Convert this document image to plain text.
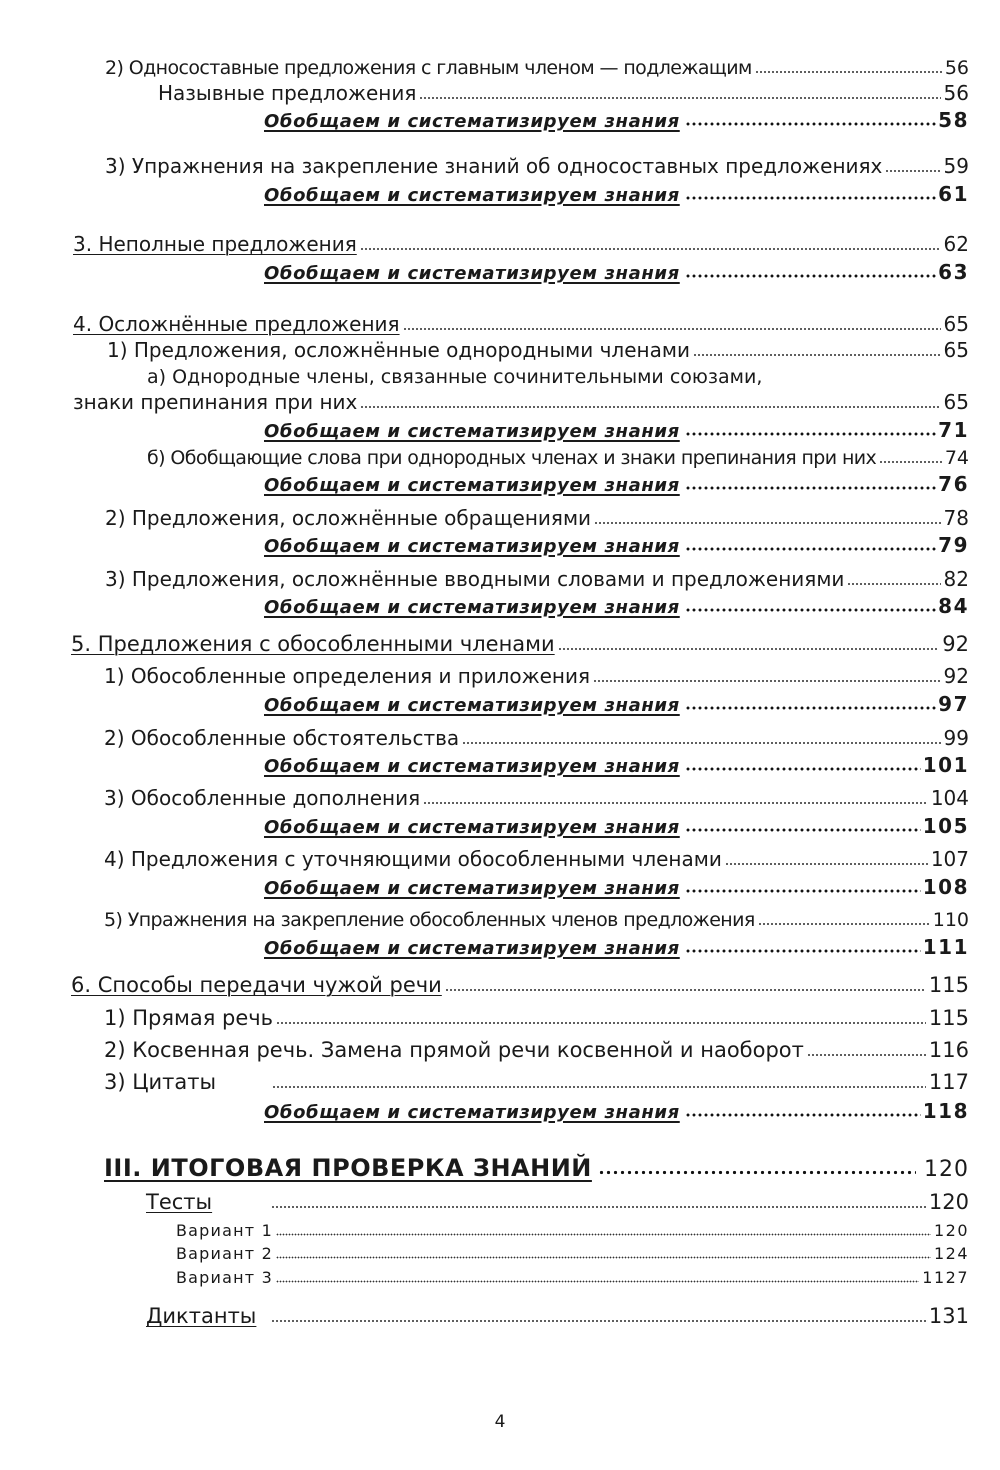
2) Односоставные предложения с главным членом — подлежащим	56
Назывные предложения	56
Обобщаем и систематизируем знания	58
3) Упражнения на закрепление знаний об односоставных предложениях	59
Обобщаем и систематизируем знания	61
3. Неполные предложения	62
Обобщаем и систематизируем знания	63
4. Осложнённые предложения	65
1) Предложения, осложнённые однородными членами	65
а) Однородные члены, связанные сочинительными союзами,
знаки препинания при них	65
Обобщаем и систематизируем знания	71
б) Обобщающие слова при однородных членах и знаки препинания при них	74
Обобщаем и систематизируем знания	76
2) Предложения, осложнённые обращениями	78
Обобщаем и систематизируем знания	79
3) Предложения, осложнённые вводными словами и предложениями	82
Обобщаем и систематизируем знания	84
5. Предложения с обособленными членами	92
1) Обособленные определения и приложения	92
Обобщаем и систематизируем знания	97
2) Обособленные обстоятельства	99
Обобщаем и систематизируем знания	101
3) Обособленные дополнения	104
Обобщаем и систематизируем знания	105
4) Предложения с уточняющими обособленными членами	107
Обобщаем и систематизируем знания	108
5) Упражнения на закрепление обособленных членов предложения	110
Обобщаем и систематизируем знания	111
6. Способы передачи чужой речи	115
1) Прямая речь	115
2) Косвенная речь. Замена прямой речи косвенной и наоборот	116
3) Цитаты	117
Обобщаем и систематизируем знания	118
III. ИТОГОВАЯ ПРОВЕРКА ЗНАНИЙ	120
Тесты	120
Вариант 1	120
Вариант 2	124
Вариант 3	1127
Диктанты	131
4
